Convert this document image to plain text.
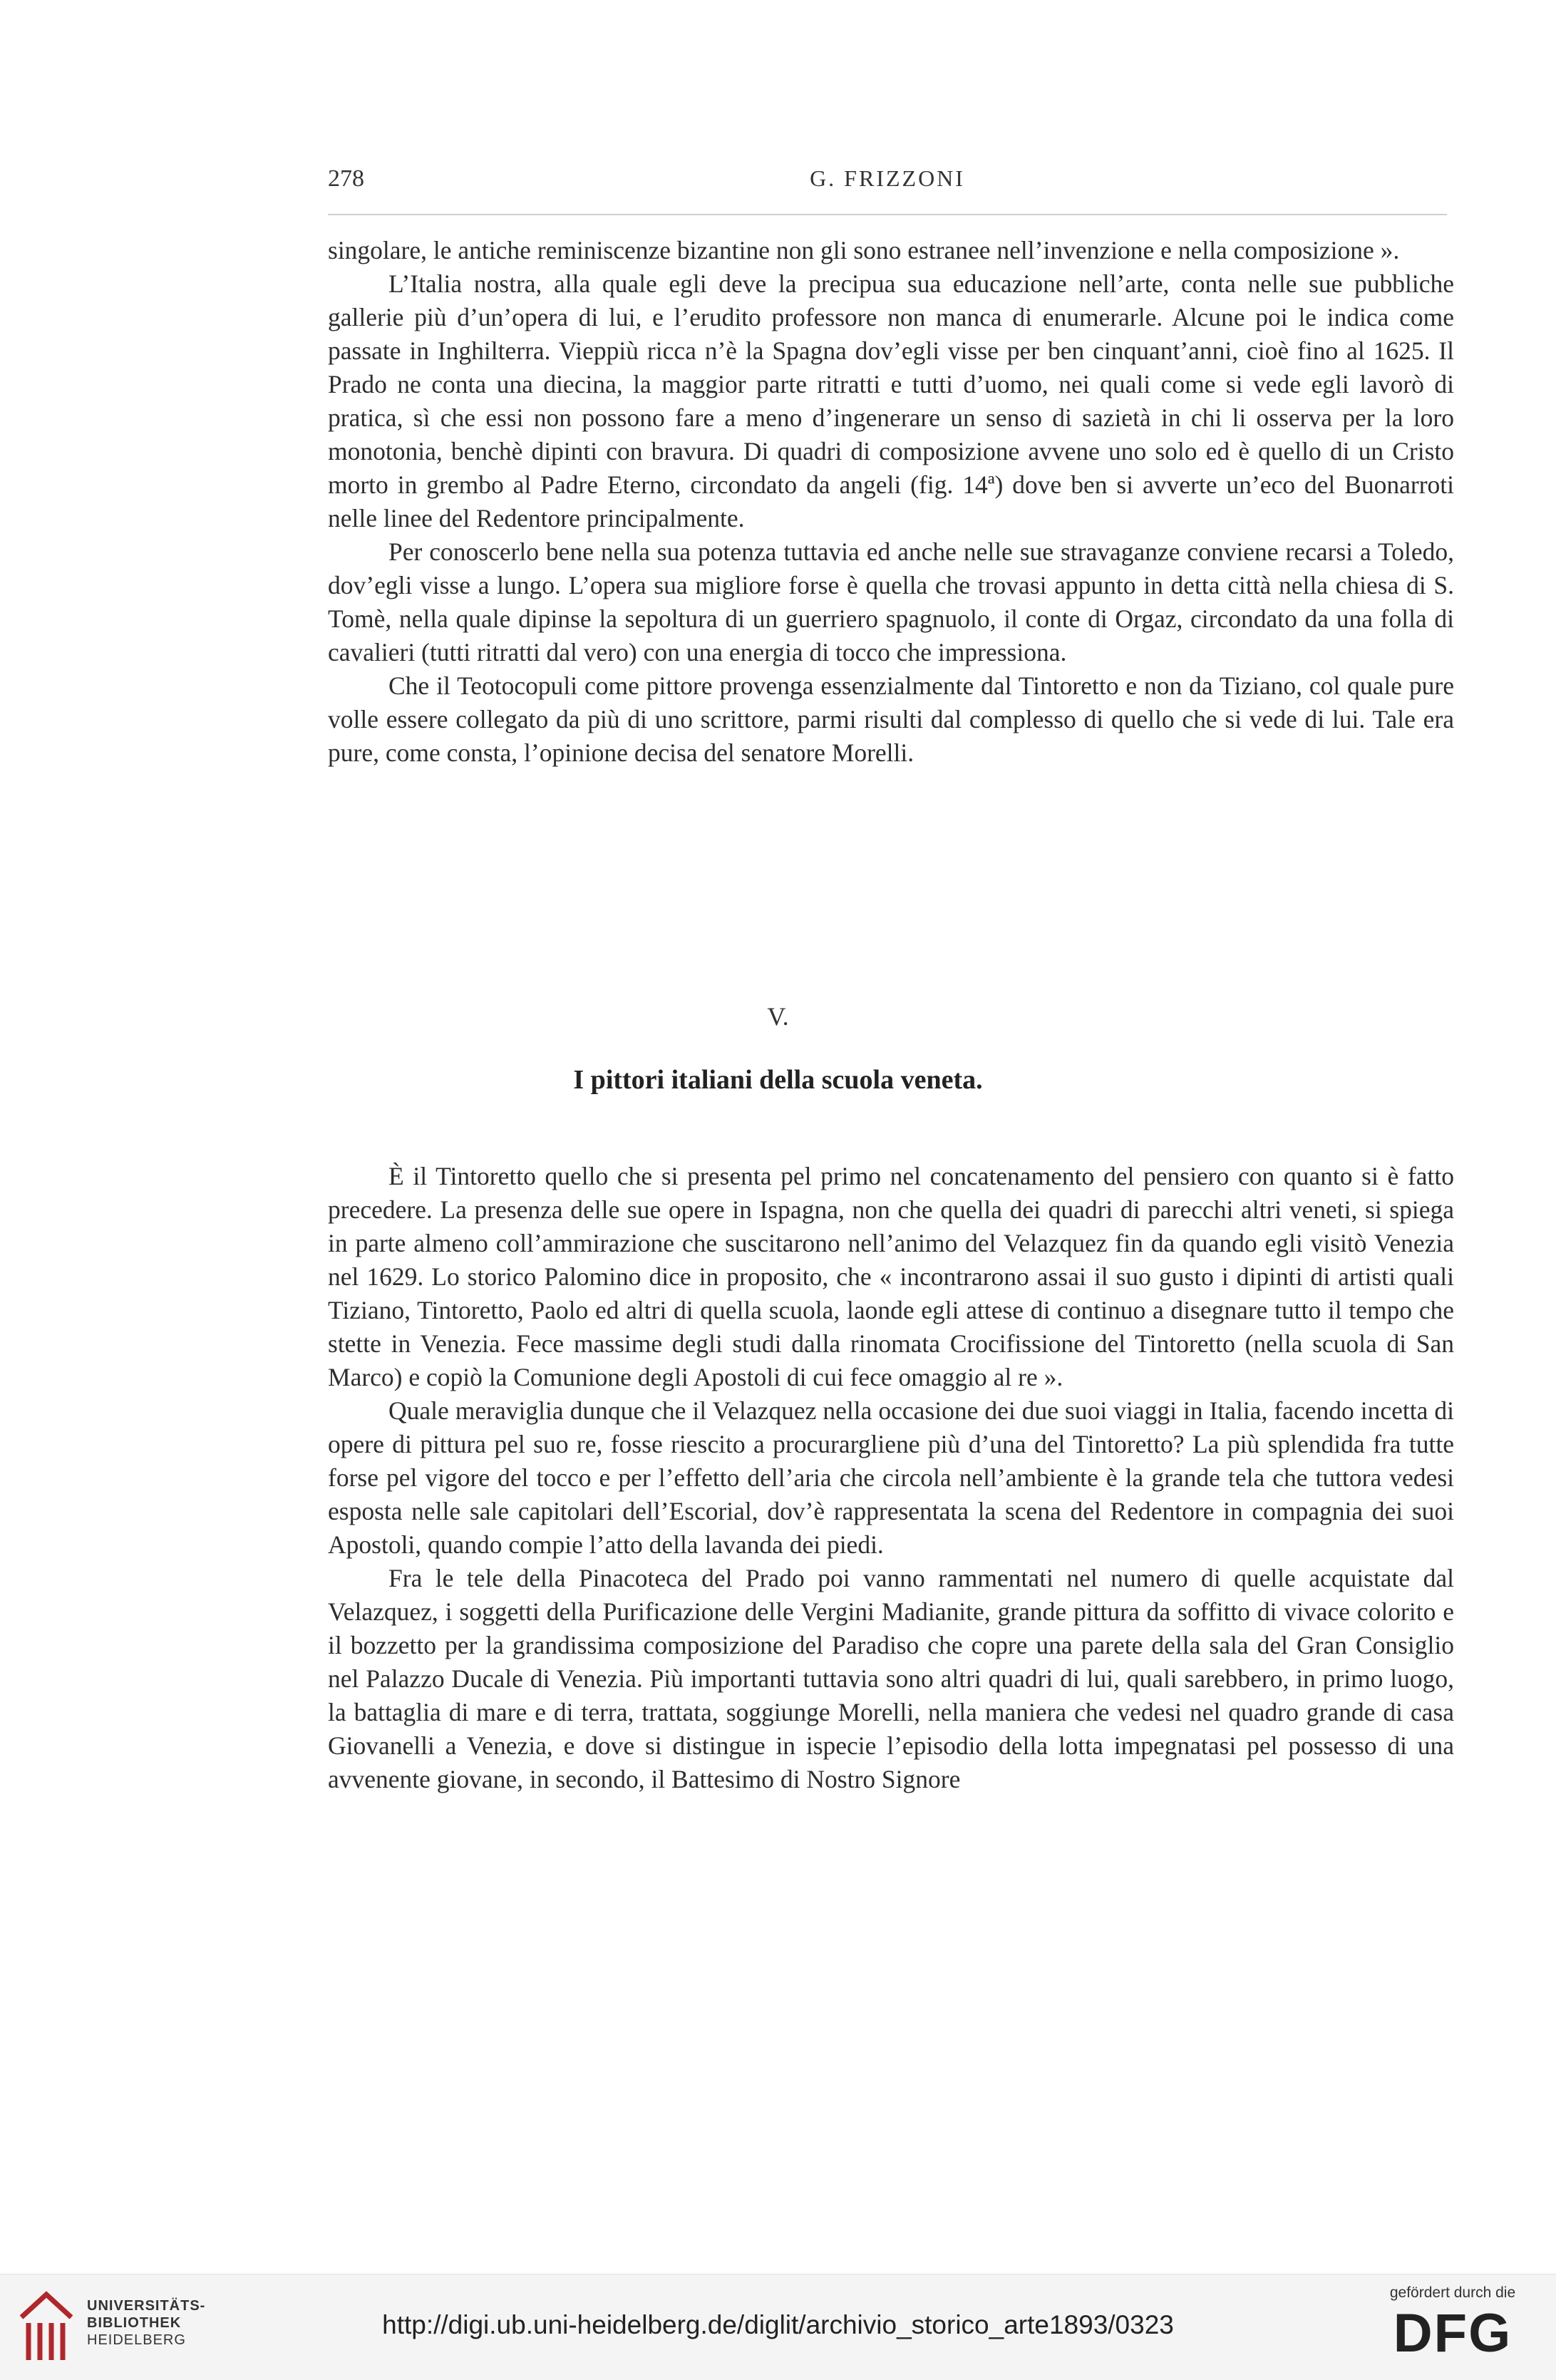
278	G. FRIZZONI

singolare, le antiche reminiscenze bizantine non gli sono estranee nell’invenzione e nella composizione ».

L’Italia nostra, alla quale egli deve la precipua sua educazione nell’arte, conta nelle sue pubbliche gallerie più d’un’opera di lui, e l’erudito professore non manca di enumerarle. Alcune poi le indica come passate in Inghilterra. Vieppiù ricca n’è la Spagna dov’egli visse per ben cinquant’anni, cioè fino al 1625. Il Prado ne conta una diecina, la maggior parte ritratti e tutti d’uomo, nei quali come si vede egli lavorò di pratica, sì che essi non possono fare a meno d’ingenerare un senso di sazietà in chi li osserva per la loro monotonia, benchè dipinti con bravura. Di quadri di composizione avvene uno solo ed è quello di un Cristo morto in grembo al Padre Eterno, circondato da angeli (fig. 14ª) dove ben si avverte un’eco del Buonarroti nelle linee del Redentore principalmente.

Per conoscerlo bene nella sua potenza tuttavia ed anche nelle sue stravaganze conviene recarsi a Toledo, dov’egli visse a lungo. L’opera sua migliore forse è quella che trovasi appunto in detta città nella chiesa di S. Tomè, nella quale dipinse la sepoltura di un guerriero spagnuolo, il conte di Orgaz, circondato da una folla di cavalieri (tutti ritratti dal vero) con una energia di tocco che impressiona.

Che il Teotocopuli come pittore provenga essenzialmente dal Tintoretto e non da Tiziano, col quale pure volle essere collegato da più di uno scrittore, parmi risulti dal complesso di quello che si vede di lui. Tale era pure, come consta, l’opinione decisa del senatore Morelli.

V.
I pittori italiani della scuola veneta.

È il Tintoretto quello che si presenta pel primo nel concatenamento del pensiero con quanto si è fatto precedere. La presenza delle sue opere in Ispagna, non che quella dei quadri di parecchi altri veneti, si spiega in parte almeno coll’ammirazione che suscitarono nell’animo del Velazquez fin da quando egli visitò Venezia nel 1629. Lo storico Palomino dice in proposito, che « incontrarono assai il suo gusto i dipinti di artisti quali Tiziano, Tintoretto, Paolo ed altri di quella scuola, laonde egli attese di continuo a disegnare tutto il tempo che stette in Venezia. Fece massime degli studi dalla rinomata Crocifissione del Tintoretto (nella scuola di San Marco) e copiò la Comunione degli Apostoli di cui fece omaggio al re ».

Quale meraviglia dunque che il Velazquez nella occasione dei due suoi viaggi in Italia, facendo incetta di opere di pittura pel suo re, fosse riescito a procurargliene più d’una del Tintoretto? La più splendida fra tutte forse pel vigore del tocco e per l’effetto dell’aria che circola nell’ambiente è la grande tela che tuttora vedesi esposta nelle sale capitolari dell’Escorial, dov’è rappresentata la scena del Redentore in compagnia dei suoi Apostoli, quando compie l’atto della lavanda dei piedi.

Fra le tele della Pinacoteca del Prado poi vanno rammentati nel numero di quelle acquistate dal Velazquez, i soggetti della Purificazione delle Vergini Madianite, grande pittura da soffitto di vivace colorito e il bozzetto per la grandissima composizione del Paradiso che copre una parete della sala del Gran Consiglio nel Palazzo Ducale di Venezia. Più importanti tuttavia sono altri quadri di lui, quali sarebbero, in primo luogo, la battaglia di mare e di terra, trattata, soggiunge Morelli, nella maniera che vedesi nel quadro grande di casa Giovanelli a Venezia, e dove si distingue in ispecie l’episodio della lotta impegnatasi pel possesso di una avvenente giovane, in secondo, il Battesimo di Nostro Signore

UNIVERSITÄTS-
BIBLIOTHEK
HEIDELBERG
http://digi.ub.uni-heidelberg.de/diglit/archivio_storico_arte1893/0323
gefördert durch die
DFG
